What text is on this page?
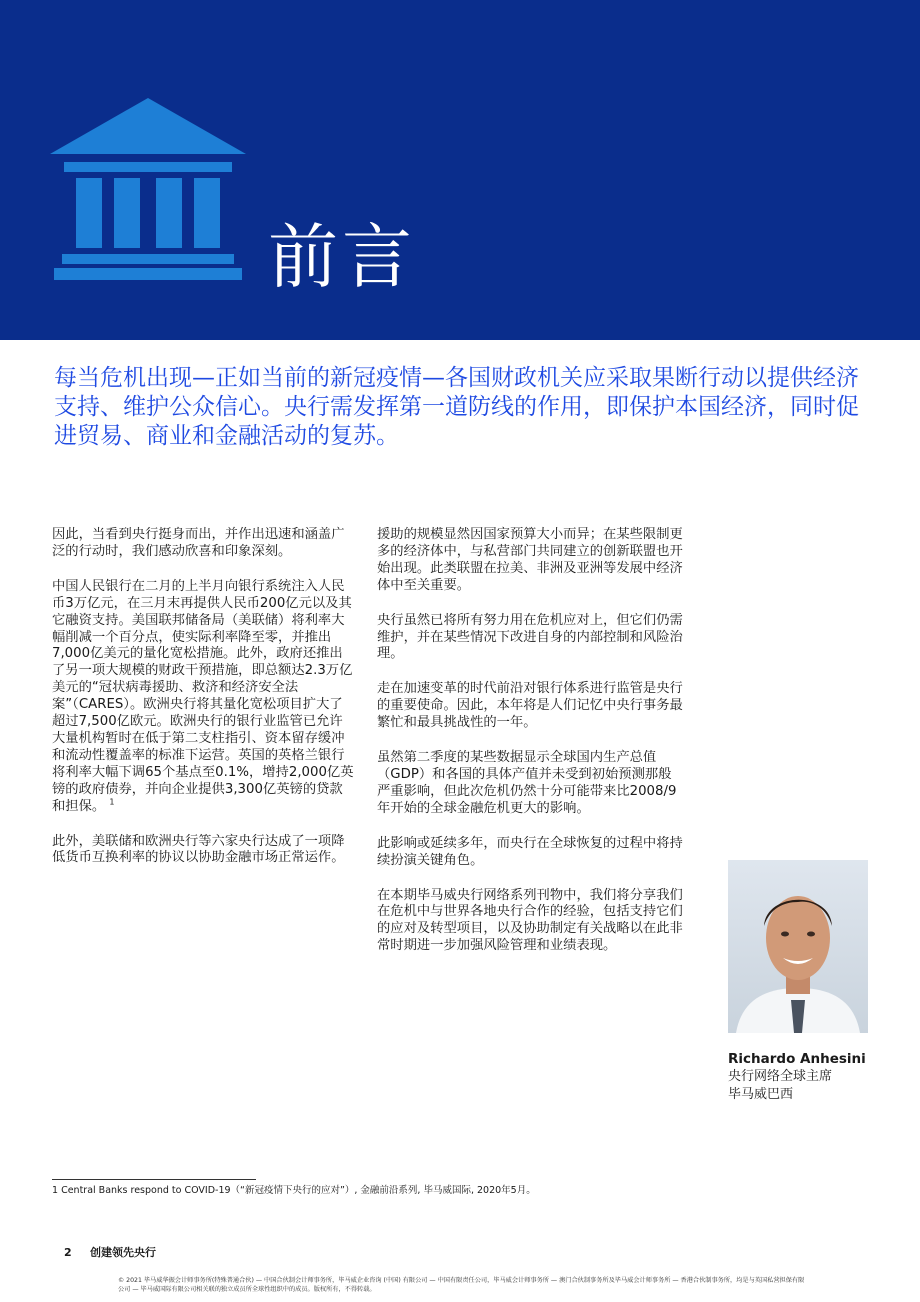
前言
每当危机出现—正如当前的新冠疫情—各国财政机关应采取果断行动以提供经济支持、维护公众信心。央行需发挥第一道防线的作用，即保护本国经济，同时促进贸易、商业和金融活动的复苏。

因此，当看到央行挺身而出，并作出迅速和涵盖广泛的行动时，我们感动欣喜和印象深刻。

中国人民银行在二月的上半月向银行系统注入人民币3万亿元，在三月末再提供人民币200亿元以及其它融资支持。美国联邦储备局（美联储）将利率大幅削减一个百分点，使实际利率降至零，并推出7,000亿美元的量化宽松措施。此外，政府还推出了另一项大规模的财政干预措施，即总额达2.3万亿美元的“冠状病毒援助、救济和经济安全法案”（CARES）。欧洲央行将其量化宽松项目扩大了超过7,500亿欧元。欧洲央行的银行业监管已允许大量机构暂时在低于第二支柱指引、资本留存缓冲和流动性覆盖率的标准下运营。英国的英格兰银行将利率大幅下调65个基点至0.1%，增持2,000亿英镑的政府债券，并向企业提供3,300亿英镑的贷款和担保。 $^1$

此外，美联储和欧洲央行等六家央行达成了一项降低货币互换利率的协议以协助金融市场正常运作。

援助的规模显然因国家预算大小而异；在某些限制更多的经济体中，与私营部门共同建立的创新联盟也开始出现。此类联盟在拉美、非洲及亚洲等发展中经济体中至关重要。

央行虽然已将所有努力用在危机应对上，但它们仍需维护，并在某些情况下改进自身的内部控制和风险治理。

走在加速变革的时代前沿对银行体系进行监管是央行的重要使命。因此，本年将是人们记忆中央行事务最繁忙和最具挑战性的一年。

虽然第二季度的某些数据显示全球国内生产总值（GDP）和各国的具体产值并未受到初始预测那般严重影响，但此次危机仍然十分可能带来比2008/9年开始的全球金融危机更大的影响。

此影响或延续多年，而央行在全球恢复的过程中将持续扮演关键角色。

在本期毕马威央行网络系列刊物中，我们将分享我们在危机中与世界各地央行合作的经验，包括支持它们的应对及转型项目，以及协助制定有关战略以在此非常时期进一步加强风险管理和业绩表现。

Richardo Anhesini
央行网络全球主席
毕马威巴西
1 Central Banks respond to COVID-19（“新冠疫情下央行的应对”）, 金融前沿系列, 毕马威国际, 2020年5月。
2 创建领先央行
© 2021 毕马威华振会计师事务所(特殊普通合伙) — 中国合伙制会计师事务所，毕马威企业咨询 (中国) 有限公司 — 中国有限责任公司，毕马威会计师事务所 — 澳门合伙制事务所及毕马威会计师事务所 — 香港合伙制事务所，均是与英国私营担保有限公司 — 毕马威国际有限公司相关联的独立成员所全球性组织中的成员。版权所有，不得转载。
